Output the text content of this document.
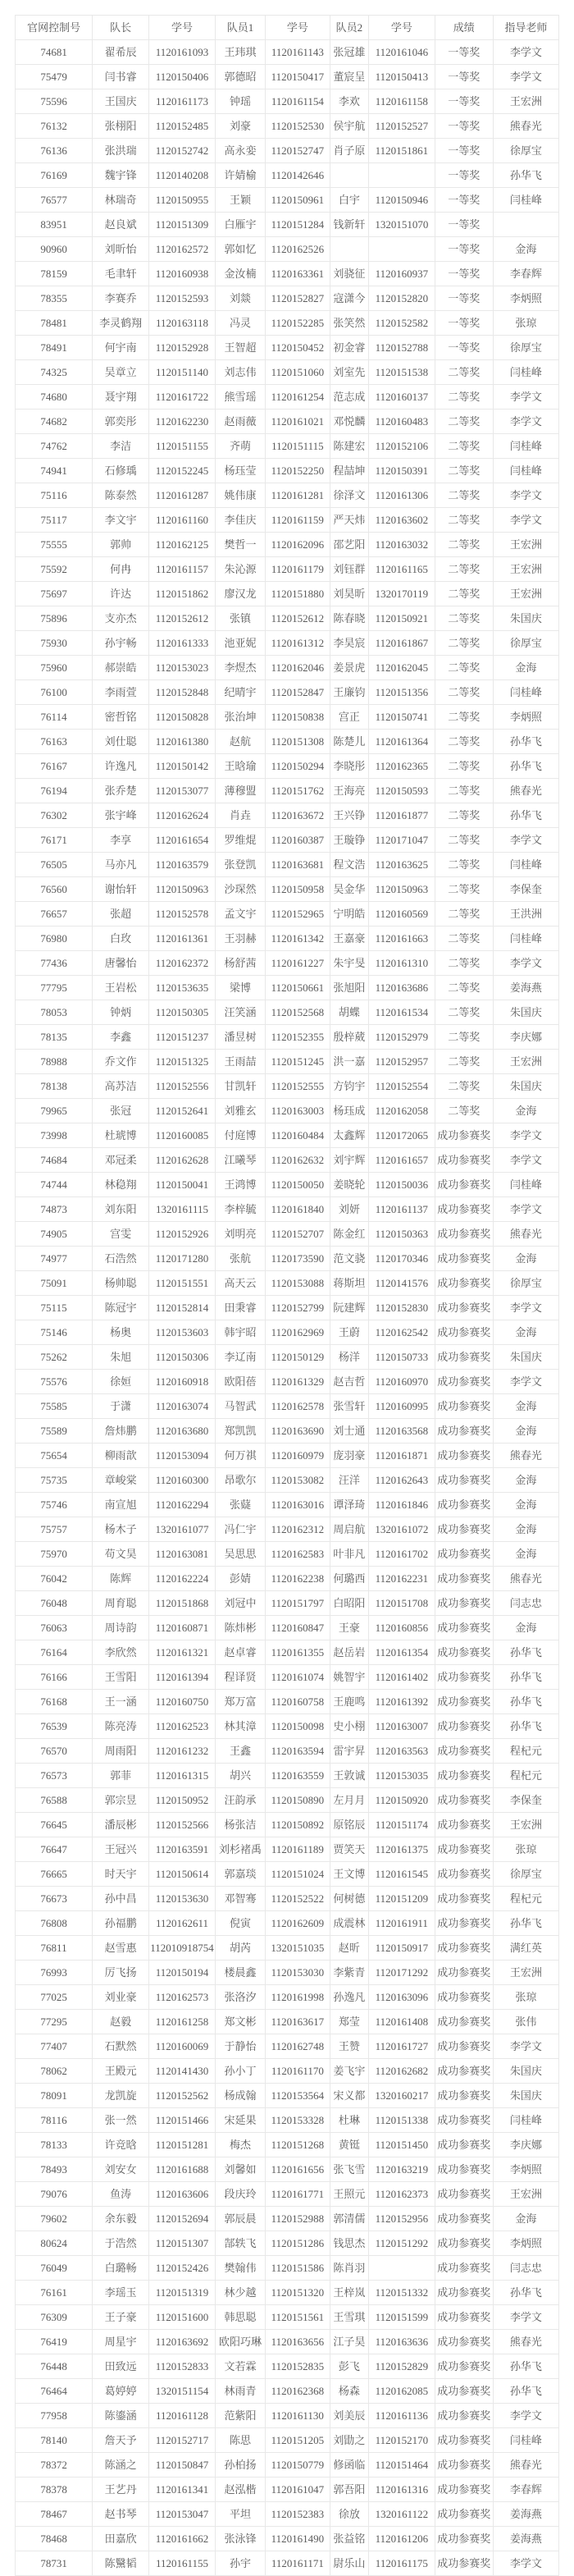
官网控制号	队长	学号	队员1	学号	队员2	学号	成绩	指导老师
74681	翟希辰	1120161093	王玮琪	1120161143	张冠雄	1120161046	一等奖	李学文
75479	闫书睿	1120150406	郭德昭	1120150417	董宸呈	1120150413	一等奖	李学文
75596	王国庆	1120161173	钟瑶	1120161154	李欢	1120161158	一等奖	王宏洲
76132	张栩阳	1120152485	刘豪	1120152530	侯宇航	1120152527	一等奖	熊春光
76136	张洪瑞	1120152742	高永娈	1120152747	肖子原	1120151861	一等奖	徐厚宝
76169	魏宇锋	1120140208	许婧榆	1120142646			一等奖	孙华飞
76577	林瑞奇	1120150955	王颖	1120150961	白宇	1120150946	一等奖	闫桂峰
83951	赵良斌	1120151309	白雁宇	1120151284	钱新轩	1320151070	一等奖	
90960	刘昕怡	1120162572	郭如忆	1120162526			一等奖	金海
78159	毛聿轩	1120160938	金汝楠	1120163361	刘骁征	1120160937	一等奖	李春辉
78355	李赛乔	1120152593	刘燚	1120152827	寇潇今	1120152820	一等奖	李炳照
78481	李灵鹤翔	1120163118	冯灵	1120152285	张笑然	1120152582	一等奖	张琼
78491	何宇南	1120152928	王智超	1120150452	初金睿	1120152788	一等奖	徐厚宝
74325	吴章立	1120151140	刘志伟	1120151060	刘室先	1120151538	二等奖	闫桂峰
74680	聂宇翔	1120161722	熊雪瑶	1120161254	范志成	1120160137	二等奖	李学文
74682	郭奕彤	1120162230	赵雨薇	1120161021	邓悦麟	1120160483	二等奖	李学文
74762	李洁	1120151155	齐萌	1120151115	陈建宏	1120152106	二等奖	闫桂峰
74941	石修瑀	1120152245	杨珏莹	1120152250	程喆坤	1120150391	二等奖	闫桂峰
75116	陈泰然	1120161287	姚伟康	1120161281	徐泽文	1120161306	二等奖	李学文
75117	李文宇	1120161160	李佳庆	1120161159	严天炜	1120163602	二等奖	李学文
75555	郭帅	1120162125	樊哲一	1120162096	邵艺阳	1120163032	二等奖	王宏洲
75592	何冉	1120161157	朱沁源	1120161179	刘钰群	1120161165	二等奖	王宏洲
75697	许达	1120151862	廖汉龙	1120151880	刘昊昕	1320170119	二等奖	王宏洲
75896	支亦杰	1120152612	张镇	1120152612	陈春晓	1120150921	二等奖	朱国庆
75930	孙宇畅	1120161333	池亚妮	1120161312	李昊宸	1120161867	二等奖	徐厚宝
75960	郝崇皓	1120153023	李煜杰	1120162046	姜景虎	1120162045	二等奖	金海
76100	李雨萱	1120152848	纪晴宇	1120152847	王廉钧	1120151356	二等奖	闫桂峰
76114	密哲铭	1120150828	张治坤	1120150838	宫正	1120150741	二等奖	李炳照
76163	刘仕聪	1120161380	赵航	1120151308	陈楚儿	1120161364	二等奖	孙华飞
76167	许逸凡	1120150142	王晗瑜	1120150294	李晓彤	1120162365	二等奖	孙华飞
76194	张乔楚	1120153077	薄穆盟	1120151762	王海亮	1120150593	二等奖	熊春光
76302	张宇峰	1120162624	肖垚	1120163672	王兴铮	1120161877	二等奖	孙华飞
76171	李享	1120161654	罗维焜	1120160387	王璇铮	1120171047	二等奖	李学文
76505	马亦凡	1120163579	张登凯	1120163681	程文浩	1120163625	二等奖	闫桂峰
76560	谢怡轩	1120150963	沙琛然	1120150958	吴金华	1120150963	二等奖	李保奎
76657	张超	1120152578	孟文宇	1120152965	宁明皓	1120160569	二等奖	王洪洲
76980	白玫	1120161361	王羽赫	1120161342	王嘉豪	1120161663	二等奖	闫桂峰
77436	唐馨怡	1120162372	杨舒茜	1120161227	朱宇旻	1120161310	二等奖	李学文
77795	王岩松	1120153635	梁博	1120150661	张旭阳	1120163686	二等奖	姜海燕
78053	钟炳	1120150305	汪笑涵	1120152568	胡蝶	1120161534	二等奖	朱国庆
78135	李鑫	1120151237	潘昱树	1120152355	殷梓葳	1120152979	二等奖	李庆娜
78988	乔文作	1120151325	王雨喆	1120151245	洪一嘉	1120152957	二等奖	王宏洲
78138	高苏洁	1120152556	甘凯轩	1120152555	方钧宇	1120152554	二等奖	朱国庆
79965	张冠	1120152641	刘雅玄	1120163003	杨珏成	1120162058	二等奖	金海
73998	杜琥博	1120160085	付庭博	1120160484	太鑫辉	1120172065	成功参赛奖	李学文
74684	邓冠柔	1120162628	江曦琴	1120162632	刘宇辉	1120161657	成功参赛奖	李学文
74744	林稳翔	1120150041	王鸿博	1120150050	姜晓轮	1120150036	成功参赛奖	闫桂峰
74873	刘东阳	1320161115	李梓毓	1120161840	刘妍	1120161137	成功参赛奖	李学文
74905	宫雯	1120152926	刘明亮	1120152707	陈金红	1120150363	成功参赛奖	熊春光
74977	石浩然	1120171280	张航	1120173590	范文骁	1120170346	成功参赛奖	金海
75091	杨帅聪	1120151551	高天云	1120153088	蒋斯坦	1120141576	成功参赛奖	徐厚宝
75115	陈冠宇	1120152814	田秉睿	1120152799	阮建辉	1120152830	成功参赛奖	李学文
75146	杨奥	1120153603	韩宇昭	1120162969	王蔚	1120162542	成功参赛奖	金海
75262	朱旭	1120150306	李辽南	1120150129	杨洋	1120150733	成功参赛奖	朱国庆
75576	徐姮	1120160918	欧阳蓓	1120161329	赵吉哲	1120160970	成功参赛奖	李学文
75585	于潇	1120163074	马智武	1120162578	张雪轩	1120160995	成功参赛奖	金海
75589	詹炜鹏	1120163680	郑凯凯	1120163690	刘士通	1120163568	成功参赛奖	金海
75654	柳雨歆	1120153094	何万祺	1120160979	庞羽豪	1120161871	成功参赛奖	熊春光
75735	章峻棠	1120160300	昂歌尔	1120153082	汪洋	1120162643	成功参赛奖	金海
75746	南宣旭	1120162294	张薿	1120163016	谭泽琦	1120161846	成功参赛奖	金海
75757	杨木子	1320161077	冯仁宇	1120162312	周启航	1320161072	成功参赛奖	金海
75970	苟文昊	1120163081	吴思思	1120162583	叶非凡	1120161702	成功参赛奖	金海
76042	陈辉	1120162224	彭婧	1120162238	何璐西	1120162231	成功参赛奖	熊春光
76048	周育聪	1120151868	刘冠中	1120151797	白昭阳	1120151708	成功参赛奖	闫志忠
76063	周诗韵	1120160871	陈炜彬	1120160847	王豪	1120160856	成功参赛奖	金海
76164	李欣然	1120161321	赵卓睿	1120161355	赵岳岩	1120161354	成功参赛奖	孙华飞
76166	王雪阳	1120161394	程译贤	1120161074	姚智宇	1120161402	成功参赛奖	孙华飞
76168	王一涵	1120160750	郑万富	1120160758	王鹿鸣	1120161392	成功参赛奖	孙华飞
76539	陈亮涛	1120162523	林其漳	1120150098	史小栩	1120163007	成功参赛奖	孙华飞
76570	周雨阳	1120161232	王鑫	1120163594	雷宇昇	1120163563	成功参赛奖	程杞元
76573	郭菲	1120161315	胡兴	1120163559	王敦诚	1120153035	成功参赛奖	程杞元
76588	郭宗昱	1120150952	汪韵承	1120150890	左月月	1120150920	成功参赛奖	李保奎
76645	潘辰彬	1120152566	杨张洁	1120150892	原铭辰	1120151174	成功参赛奖	王宏洲
76647	王冠兴	1120163591	刘杉褚禹	1120161189	贾笑天	1120161375	成功参赛奖	张琼
76665	时天宇	1120150614	郭嘉琰	1120151024	王文博	1120161545	成功参赛奖	徐厚宝
76673	孙中昌	1120153630	邓智骞	1120152522	何树德	1120151209	成功参赛奖	程杞元
76808	孙福鹏	1120162611	倪寅	1120162609	成震林	1120161911	成功参赛奖	孙华飞
76811	赵雪惠	112010918754	胡芮	1320151035	赵昕	1120150917	成功参赛奖	满红英
76993	厉飞扬	1120150194	楼晨鑫	1120153030	李紫青	1120171292	成功参赛奖	王宏洲
77025	刘业豪	1120162573	张洛汐	1120161998	孙逸凡	1120163096	成功参赛奖	张琼
77295	赵毅	1120161258	郑文彬	1120163617	郑莹	1120161408	成功参赛奖	张伟
77407	石默然	1120160069	于静怡	1120162748	王赞	1120161727	成功参赛奖	李学文
78062	王殿元	1120141430	孙小丁	1120161170	姜飞宇	1120162682	成功参赛奖	朱国庆
78091	龙凯旋	1120152562	杨成翰	1120153564	宋义都	1320160217	成功参赛奖	朱国庆
78116	张一然	1120151466	宋延果	1120153328	杜琳	1120151338	成功参赛奖	闫桂峰
78133	许竞晗	1120151281	梅杰	1120151268	黄铤	1120151450	成功参赛奖	李庆娜
78493	刘安女	1120161688	刘馨如	1120161656	张飞雪	1120163219	成功参赛奖	李炳照
79076	鱼涛	1120163606	段庆玲	1120161771	王照元	1120162373	成功参赛奖	王宏洲
79602	余东毅	1120152694	郭辰晨	1120152988	郭清儒	1120152956	成功参赛奖	金海
80624	于浩然	1120151307	郜轶飞	1120151286	钱思杰	1120151292	成功参赛奖	李炳照
76049	白璐畅	1120152426	樊翰伟	1120151586	陈肖羽		成功参赛奖	闫志忠
76161	李瑶玉	1120151319	林少越	1120151320	王梓岚	1120151332	成功参赛奖	孙华飞
76309	王子豪	1120151600	韩思聪	1120151561	王雪琪	1120151599	成功参赛奖	李学文
76419	周星宇	1120163692	欧阳巧琳	1120163656	江子昊	1120163636	成功参赛奖	熊春光
76448	田致远	1120152833	文若霖	1120152835	彭飞	1120152829	成功参赛奖	孙华飞
76464	葛婷婷	1320151154	林雨青	1120162368	杨森	1120162085	成功参赛奖	孙华飞
77958	陈鎏涵	1120161128	范紫阳	1120161130	刘美辰	1120161136	成功参赛奖	李学文
78140	詹天予	1120152717	陈思	1120151205	刘勖之	1120152170	成功参赛奖	闫桂峰
78372	陈涵之	1120150847	孙柏扬	1120150779	修函临	1120151464	成功参赛奖	熊春光
78378	王艺丹	1120161341	赵泓楷	1120161047	郭吾阳	1120161316	成功参赛奖	李春辉
78467	赵书琴	1120153047	平坦	1120152383	徐放	1320161122	成功参赛奖	姜海燕
78468	田嘉欣	1120161662	张泳锋	1120161490	张益铭	1120161206	成功参赛奖	姜海燕
78731	陈黳韬	1120161155	孙宇	1120161171	尉乐山	1120161175	成功参赛奖	李学文
